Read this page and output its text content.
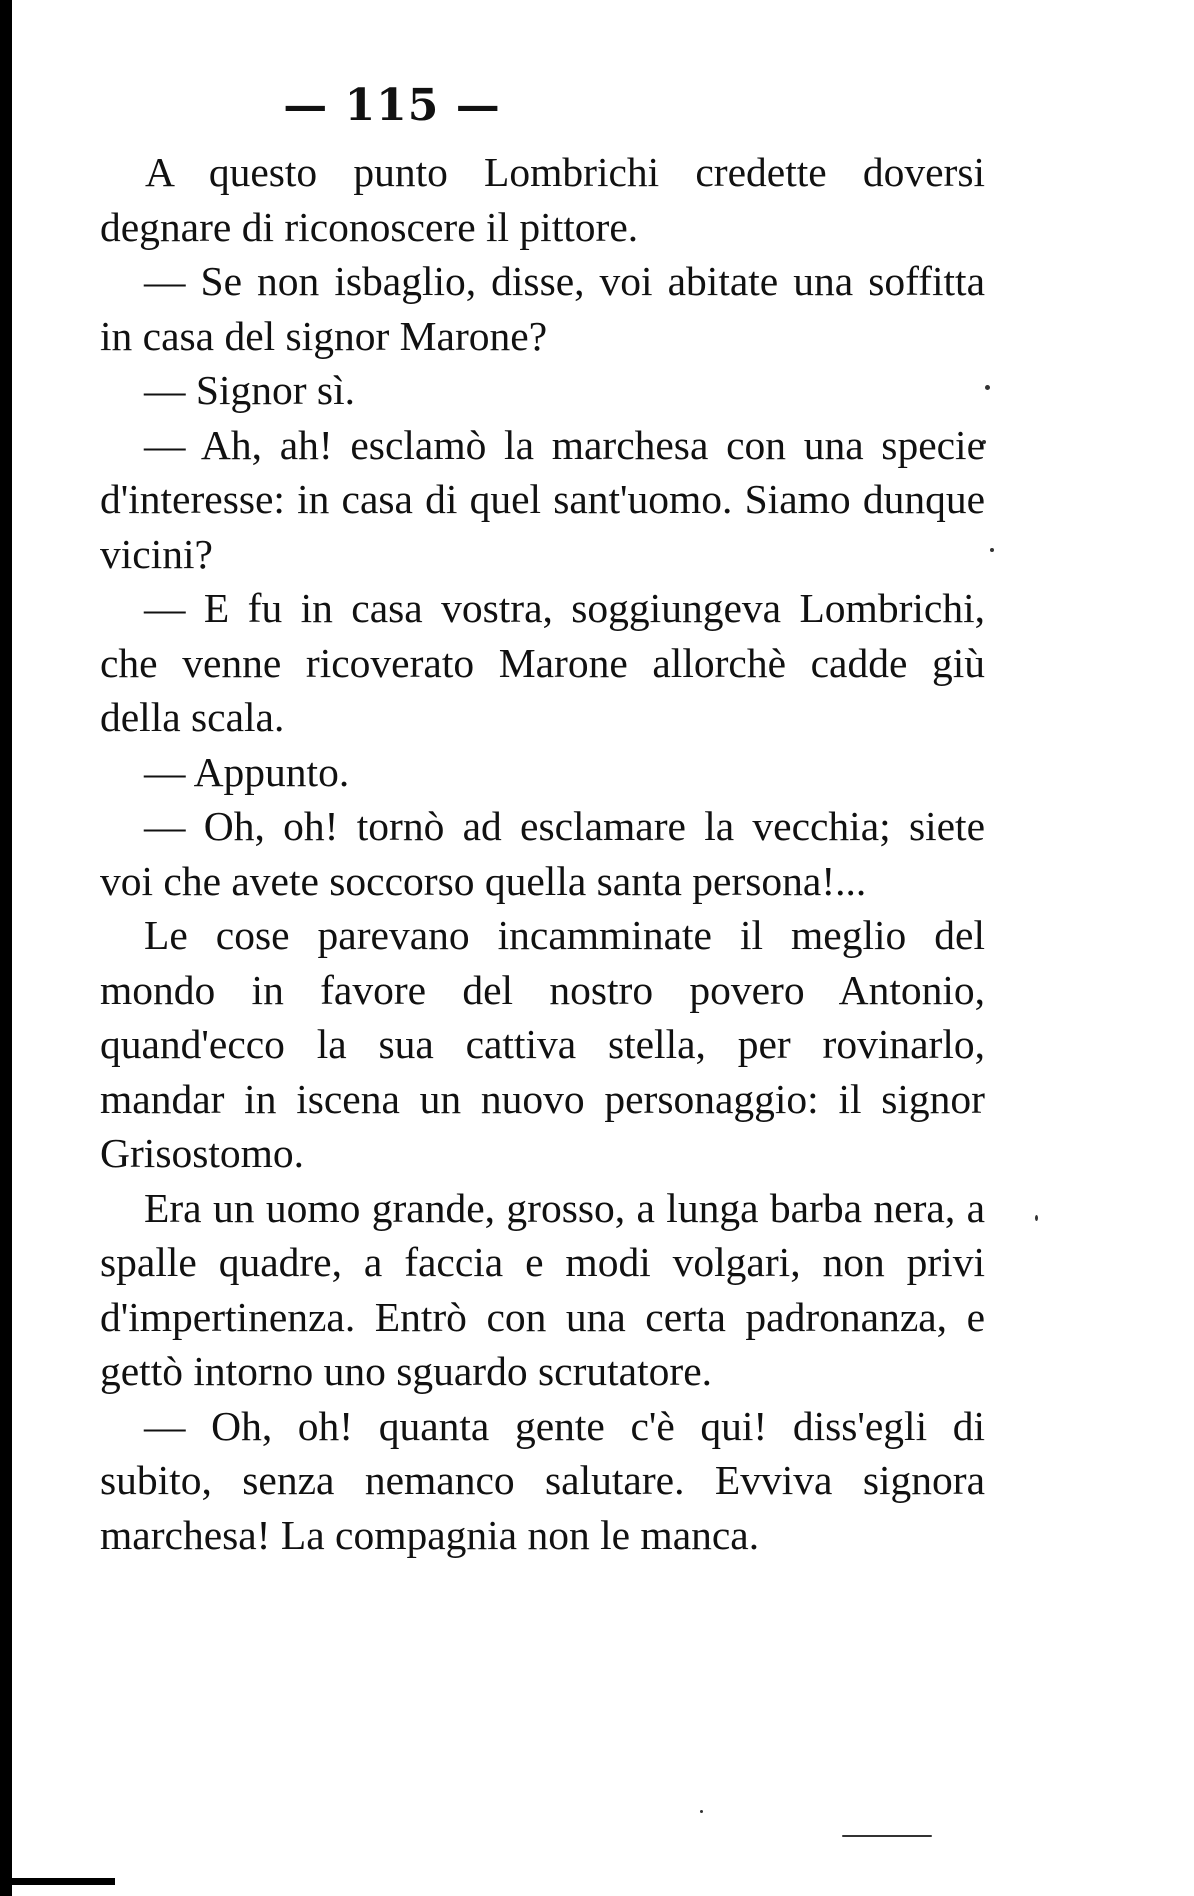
— 115 —

A questo punto Lombrichi credette doversi degnare di riconoscere il pittore.

— Se non isbaglio, disse, voi abitate una soffitta in casa del signor Marone?

— Signor sì.

— Ah, ah! esclamò la marchesa con una specie d'interesse: in casa di quel sant'uomo. Siamo dunque vicini?

— E fu in casa vostra, soggiungeva Lombrichi, che venne ricoverato Marone allorchè cadde giù della scala.

— Appunto.

— Oh, oh! tornò ad esclamare la vecchia; siete voi che avete soccorso quella santa persona!...

Le cose parevano incamminate il meglio del mondo in favore del nostro povero Antonio, quand'ecco la sua cattiva stella, per rovinarlo, mandar in iscena un nuovo personaggio: il signor Grisostomo.

Era un uomo grande, grosso, a lunga barba nera, a spalle quadre, a faccia e modi volgari, non privi d'impertinenza. Entrò con una certa padronanza, e gettò intorno uno sguardo scrutatore.

— Oh, oh! quanta gente c'è qui! diss'egli di subito, senza nemanco salutare. Evviva signora marchesa! La compagnia non le manca.
